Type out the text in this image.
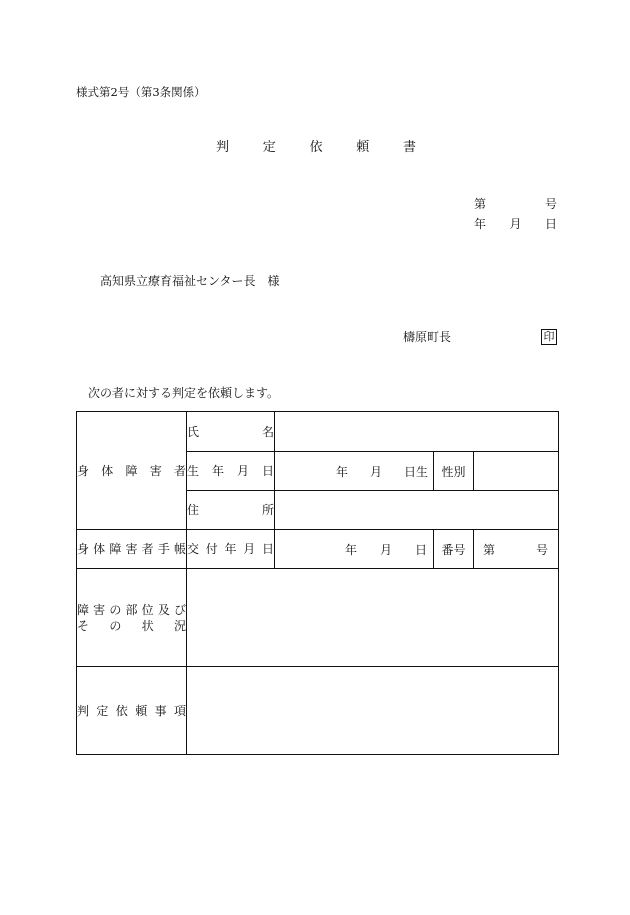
様式第2号（第3条関係）
判定依頼書
第	号
年 月 日
高知県立療育福祉センター長　様
檮原町長	印
次の者に対する判定を依頼します。
身体障害者	氏名			

	生年月日	年 月 日生	性別	

	住所			

身体障害者手帳	交付年月日	年 月 日	番号	第 号

障害の部位及び
その状況				

判定依頼事項				
